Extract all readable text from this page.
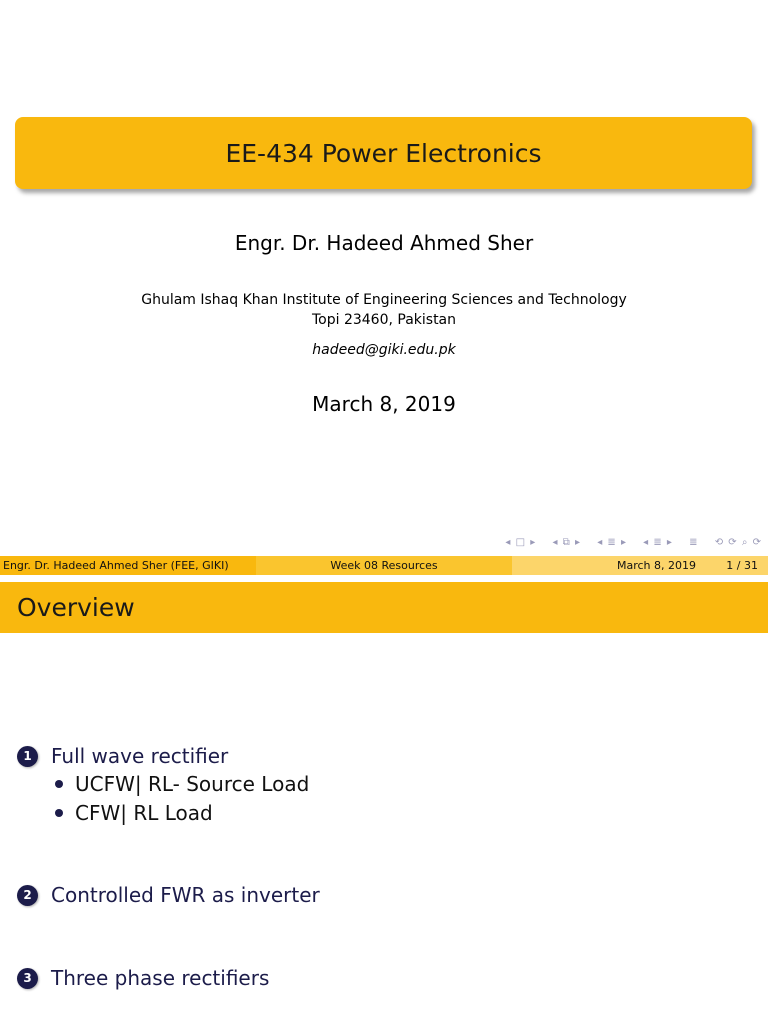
EE-434 Power Electronics
Engr. Dr. Hadeed Ahmed Sher
Ghulam Ishaq Khan Institute of Engineering Sciences and Technology
Topi 23460, Pakistan
hadeed@giki.edu.pk
March 8, 2019
◂ □ ▸ ◂ ⧉ ▸ ◂ ≣ ▸ ◂ ≣ ▸ ≣ ⟲ ⟳ ⌕ ⟳
Engr. Dr. Hadeed Ahmed Sher (FEE, GIKI)	Week 08 Resources	March 8, 2019	1 / 31
Overview
1 Full wave rectifier
UCFW| RL- Source Load
CFW| RL Load
2 Controlled FWR as inverter
3 Three phase rectifiers
